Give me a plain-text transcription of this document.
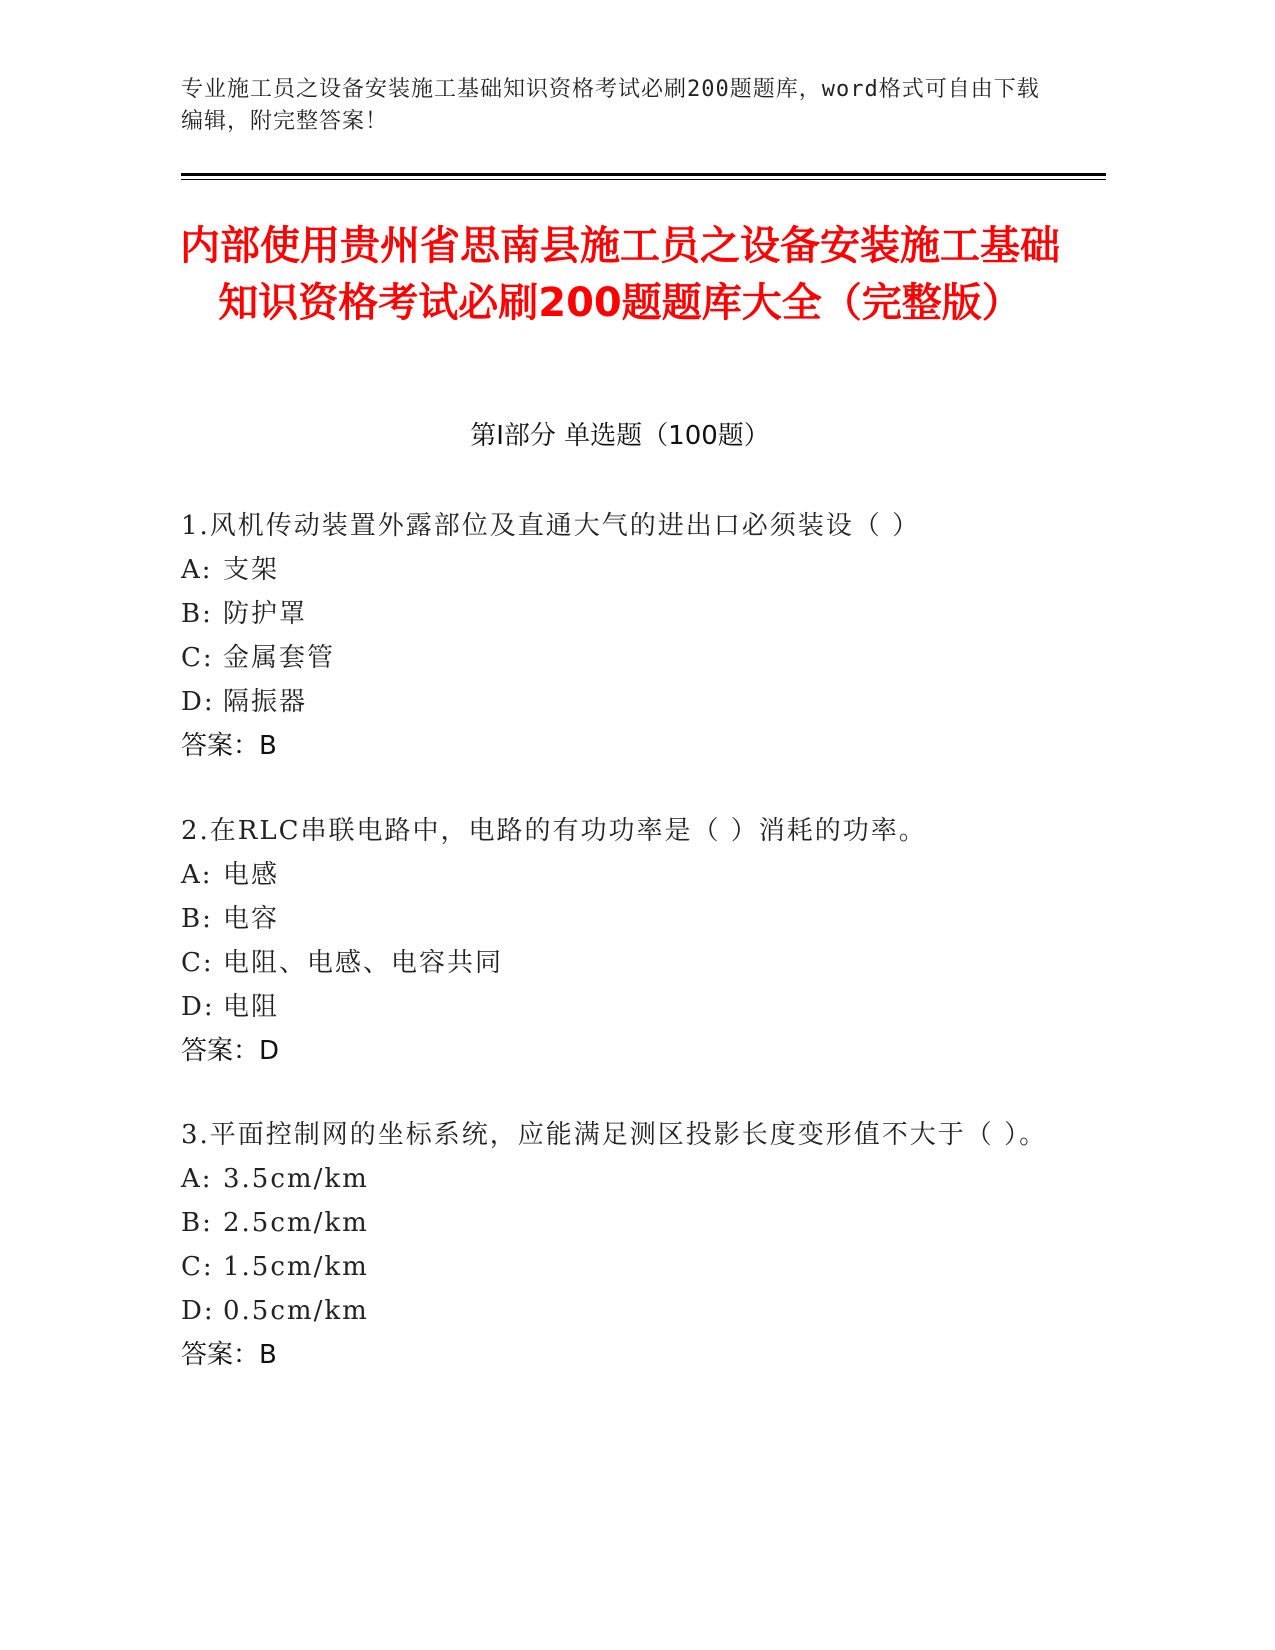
专业施工员之设备安装施工基础知识资格考试必刷200题题库，word格式可自由下载编辑，附完整答案！
内部使用贵州省思南县施工员之设备安装施工基础知识资格考试必刷200题题库大全（完整版）
第I部分 单选题（100题）

1.风机传动装置外露部位及直通大气的进出口必须装设（ ）

A: 支架

B: 防护罩

C: 金属套管

D: 隔振器

答案：B

2.在RLC串联电路中，电路的有功功率是（ ）消耗的功率。

A: 电感

B: 电容

C: 电阻、电感、电容共同

D: 电阻

答案：D

3.平面控制网的坐标系统，应能满足测区投影长度变形值不大于（ ）。

A: 3.5cm/km

B: 2.5cm/km

C: 1.5cm/km

D: 0.5cm/km

答案：B
